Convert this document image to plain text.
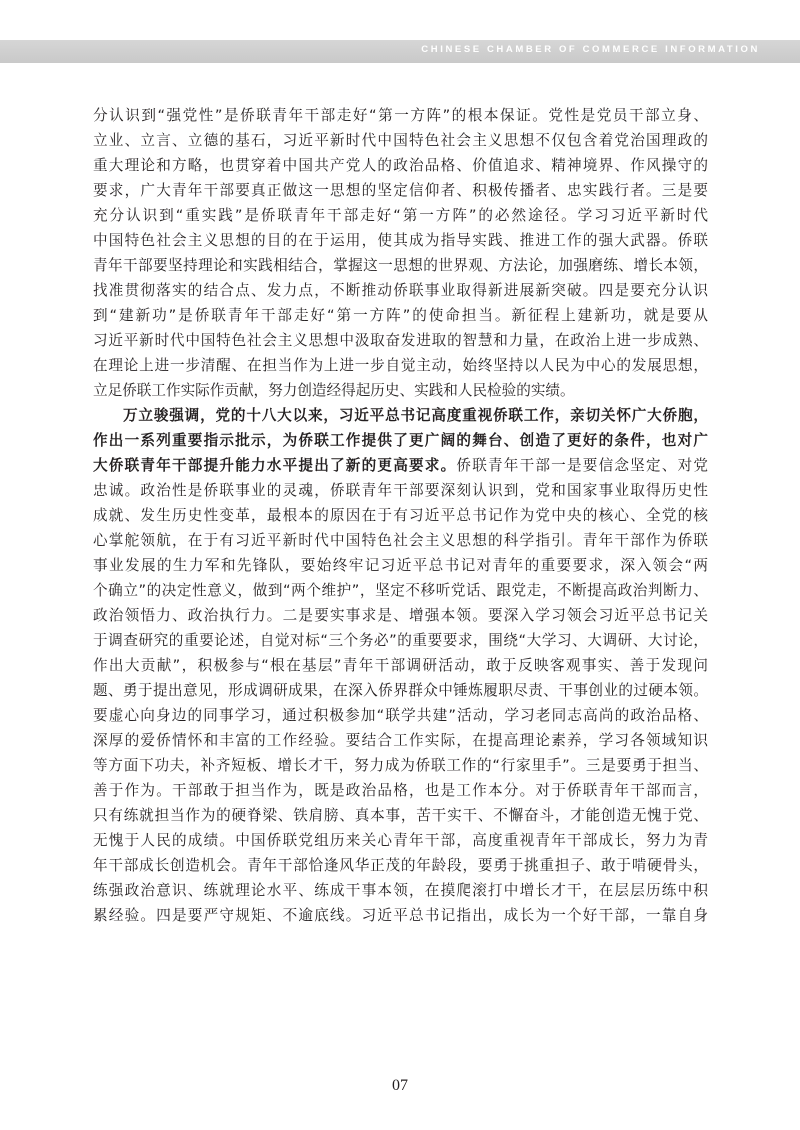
CHINESE CHAMBER OF COMMERCE INFORMATION
分认识到“强党性”是侨联青年干部走好“第一方阵”的根本保证。党性是党员干部立身、
立业、立言、立德的基石，习近平新时代中国特色社会主义思想不仅包含着党治国理政的
重大理论和方略，也贯穿着中国共产党人的政治品格、价值追求、精神境界、作风操守的
要求，广大青年干部要真正做这一思想的坚定信仰者、积极传播者、忠实践行者。三是要
充分认识到“重实践”是侨联青年干部走好“第一方阵”的必然途径。学习习近平新时代
中国特色社会主义思想的目的在于运用，使其成为指导实践、推进工作的强大武器。侨联
青年干部要坚持理论和实践相结合，掌握这一思想的世界观、方法论，加强磨练、增长本领，
找准贯彻落实的结合点、发力点，不断推动侨联事业取得新进展新突破。四是要充分认识
到“建新功”是侨联青年干部走好“第一方阵”的使命担当。新征程上建新功，就是要从
习近平新时代中国特色社会主义思想中汲取奋发进取的智慧和力量，在政治上进一步成熟、
在理论上进一步清醒、在担当作为上进一步自觉主动，始终坚持以人民为中心的发展思想，
立足侨联工作实际作贡献，努力创造经得起历史、实践和人民检验的实绩。
万立骏强调，党的十八大以来，习近平总书记高度重视侨联工作，亲切关怀广大侨胞，
作出一系列重要指示批示，为侨联工作提供了更广阔的舞台、创造了更好的条件，也对广
大侨联青年干部提升能力水平提出了新的更高要求。侨联青年干部一是要信念坚定、对党
忠诚。政治性是侨联事业的灵魂，侨联青年干部要深刻认识到，党和国家事业取得历史性
成就、发生历史性变革，最根本的原因在于有习近平总书记作为党中央的核心、全党的核
心掌舵领航，在于有习近平新时代中国特色社会主义思想的科学指引。青年干部作为侨联
事业发展的生力军和先锋队，要始终牢记习近平总书记对青年的重要要求，深入领会“两
个确立”的决定性意义，做到“两个维护”，坚定不移听党话、跟党走，不断提高政治判断力、
政治领悟力、政治执行力。二是要实事求是、增强本领。要深入学习领会习近平总书记关
于调查研究的重要论述，自觉对标“三个务必”的重要要求，围绕“大学习、大调研、大讨论，
作出大贡献”，积极参与“根在基层”青年干部调研活动，敢于反映客观事实、善于发现问
题、勇于提出意见，形成调研成果，在深入侨界群众中锤炼履职尽责、干事创业的过硬本领。
要虚心向身边的同事学习，通过积极参加“联学共建”活动，学习老同志高尚的政治品格、
深厚的爱侨情怀和丰富的工作经验。要结合工作实际，在提高理论素养，学习各领域知识
等方面下功夫，补齐短板、增长才干，努力成为侨联工作的“行家里手”。三是要勇于担当、
善于作为。干部敢于担当作为，既是政治品格，也是工作本分。对于侨联青年干部而言，
只有练就担当作为的硬脊梁、铁肩膀、真本事，苦干实干、不懈奋斗，才能创造无愧于党、
无愧于人民的成绩。中国侨联党组历来关心青年干部，高度重视青年干部成长，努力为青
年干部成长创造机会。青年干部恰逢风华正茂的年龄段，要勇于挑重担子、敢于啃硬骨头，
练强政治意识、练就理论水平、练成干事本领，在摸爬滚打中增长才干，在层层历练中积
累经验。四是要严守规矩、不逾底线。习近平总书记指出，成长为一个好干部，一靠自身
07
